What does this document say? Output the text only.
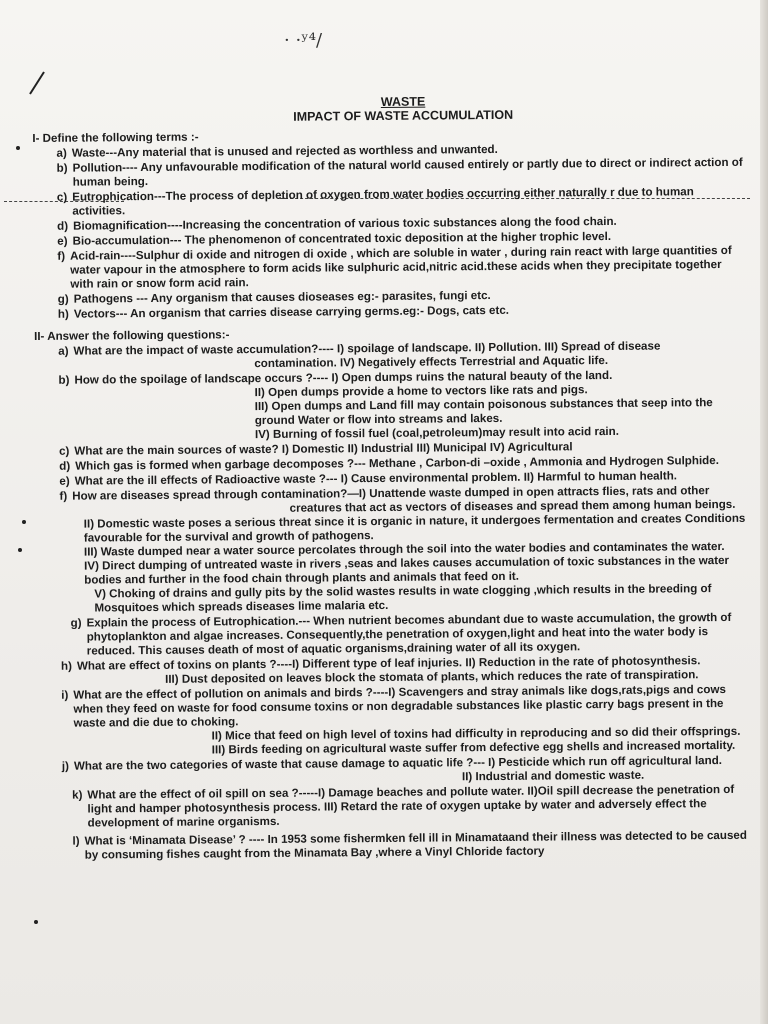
· ·ʸ⁴/
WASTE
IMPACT OF WASTE ACCUMULATION
I- Define the following terms :-
a) Waste---Any material that is unused and rejected as worthless and unwanted.
b) Pollution---- Any unfavourable modification of the natural world caused entirely or partly due to direct or indirect action of human being.
c) Eutrophication---The process of depletion of oxygen from water bodies occurring either naturally r due to human activities.
d) Biomagnification----Increasing the concentration of various toxic substances along the food chain.
e) Bio-accumulation--- The phenomenon of concentrated toxic deposition at the higher trophic level.
f) Acid-rain----Sulphur di oxide and nitrogen di oxide , which are soluble in water , during rain react with large quantities of water vapour in the atmosphere to form acids like sulphuric acid,nitric acid.these acids when they precipitate together with rain or snow form acid rain.
g) Pathogens --- Any organism that causes dioseases eg:- parasites, fungi etc.
h) Vectors--- An organism that carries disease carrying germs.eg:- Dogs, cats etc.
II- Answer the following questions:-
a) What are the impact of waste accumulation?---- I) spoilage of landscape. II) Pollution. III) Spread of disease
contamination. IV) Negatively effects Terrestrial and Aquatic life.
b) How do the spoilage of landscape occurs ?---- I) Open dumps ruins the natural beauty of the land.
II) Open dumps provide a home to vectors like rats and pigs.
III) Open dumps and Land fill may contain poisonous substances that seep into the ground Water or flow into streams and lakes.
IV) Burning of fossil fuel (coal,petroleum)may result into acid rain.
c) What are the main sources of waste? I) Domestic II) Industrial III) Municipal IV) Agricultural
d) Which gas is formed when garbage decomposes ?--- Methane , Carbon-di –oxide , Ammonia and Hydrogen Sulphide.
e) What are the ill effects of Radioactive waste ?--- I) Cause environmental problem. II) Harmful to human health.
f) How are diseases spread through contamination?—I) Unattende waste dumped in open attracts flies, rats and other
creatures that act as vectors of diseases and spread them among human beings.
II) Domestic waste poses a serious threat since it is organic in nature, it undergoes fermentation and creates Conditions favourable for the survival and growth of pathogens.
III) Waste dumped near a water source percolates through the soil into the water bodies and contaminates the water.
IV) Direct dumping of untreated waste in rivers ,seas and lakes causes accumulation of toxic substances in the water bodies and further in the food chain through plants and animals that feed on it.
V) Choking of drains and gully pits by the solid wastes results in wate clogging ,which results in the breeding of Mosquitoes which spreads diseases lime malaria etc.
g) Explain the process of Eutrophication.--- When nutrient becomes abundant due to waste accumulation, the growth of phytoplankton and algae increases. Consequently,the penetration of oxygen,light and heat into the water body is reduced. This causes death of most of aquatic organisms,draining water of all its oxygen.
h) What are effect of toxins on plants ?----I) Different type of leaf injuries. II) Reduction in the rate of photosynthesis.
III) Dust deposited on leaves block the stomata of plants, which reduces the rate of transpiration.
i) What are the effect of pollution on animals and birds ?----I) Scavengers and stray animals like dogs,rats,pigs and cows when they feed on waste for food consume toxins or non degradable substances like plastic carry bags present in the waste and die due to choking.
II) Mice that feed on high level of toxins had difficulty in reproducing and so did their offsprings.
III) Birds feeding on agricultural waste suffer from defective egg shells and increased mortality.
j) What are the two categories of waste that cause damage to aquatic life ?--- I) Pesticide which run off agricultural land.
II) Industrial and domestic waste.
k) What are the effect of oil spill on sea ?-----I) Damage beaches and pollute water. II)Oil spill decrease the penetration of light and hamper photosynthesis process. III) Retard the rate of oxygen uptake by water and adversely effect the development of marine organisms.
l) What is ‘Minamata Disease’ ? ---- In 1953 some fishermken fell ill in Minamataand their illness was detected to be caused by consuming fishes caught from the Minamata Bay ,where a Vinyl Chloride factory
